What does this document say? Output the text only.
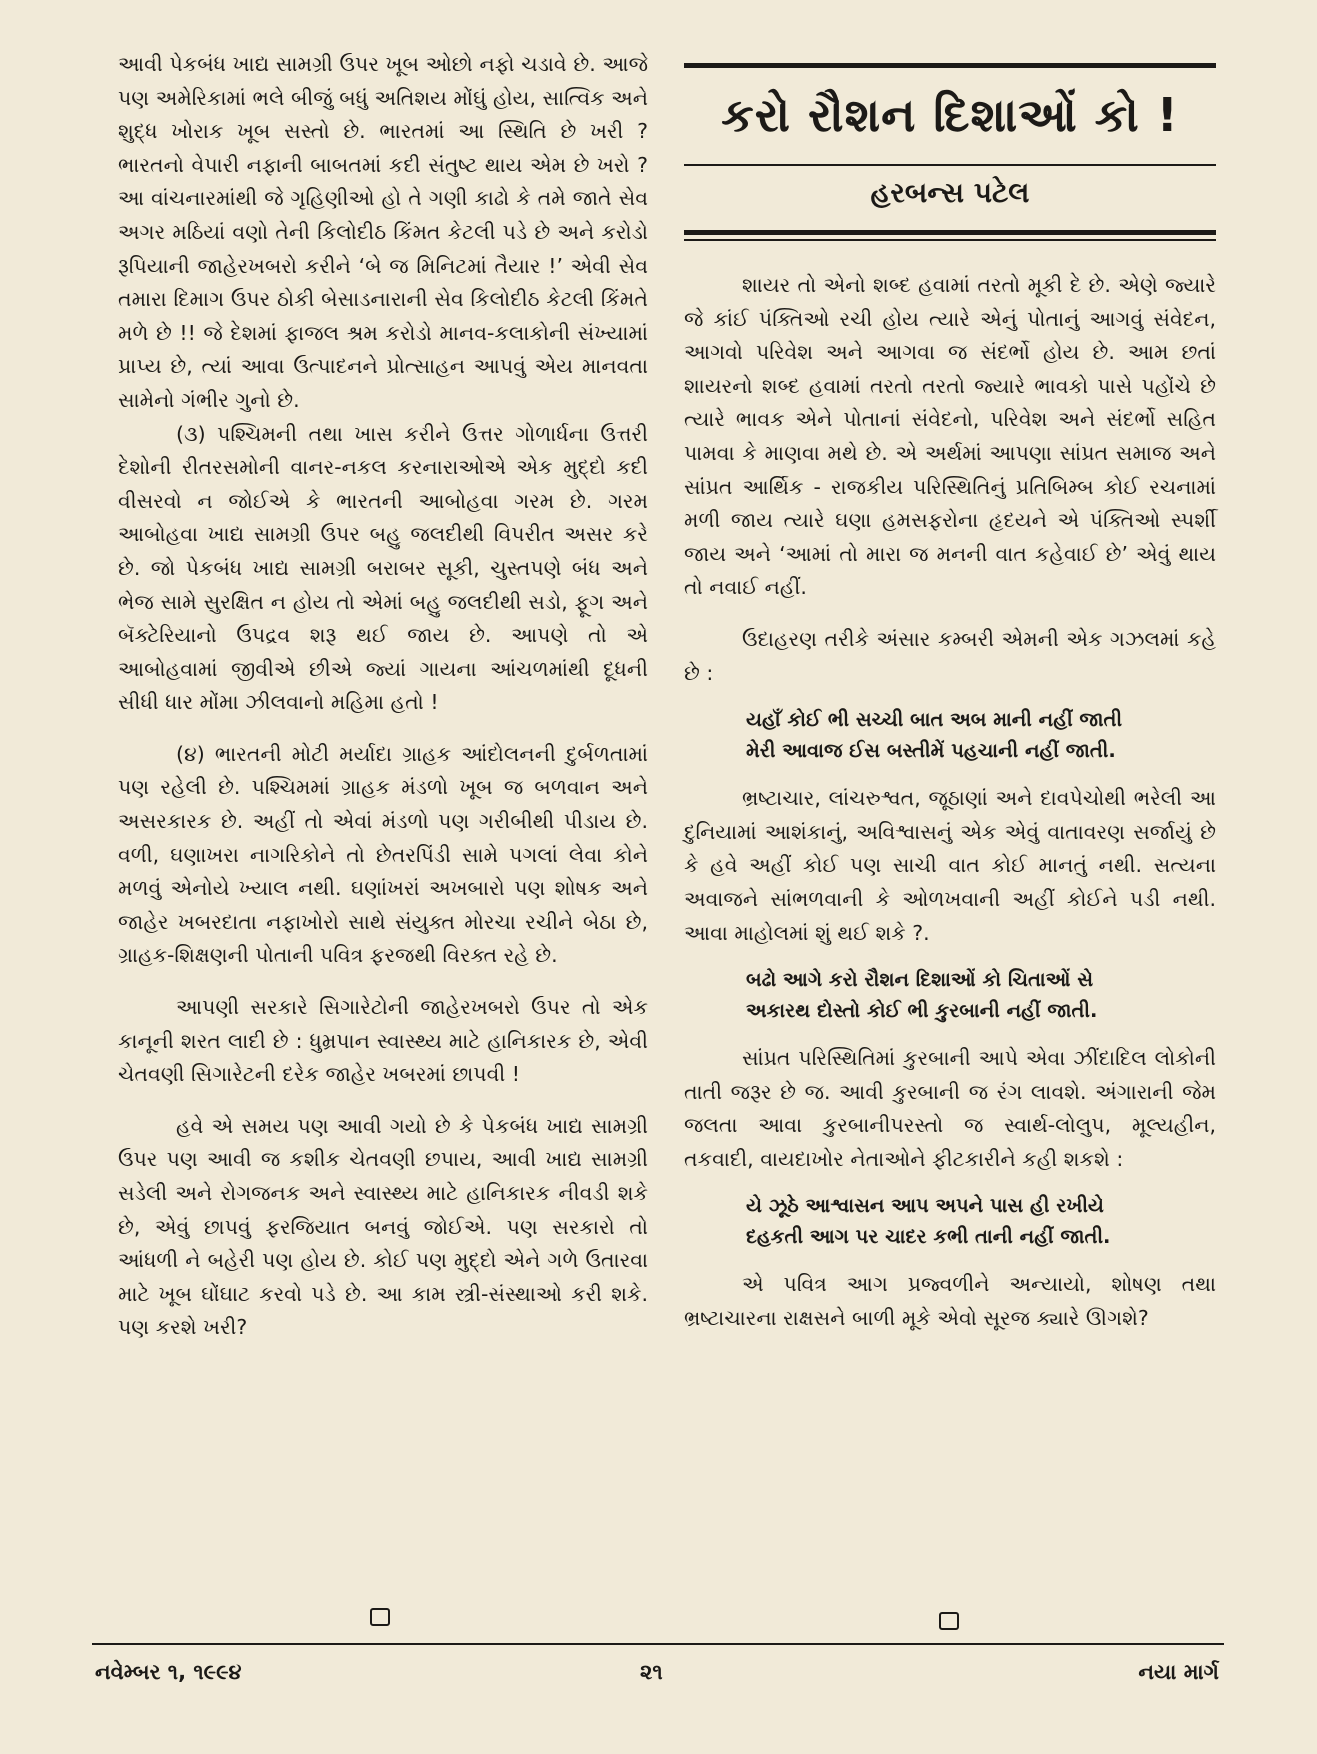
આવી પેકબંધ ખાદ્ય સામગ્રી ઉપર ખૂબ ઓછો નફો ચડાવે છે. આજે પણ અમેરિકામાં ભલે બીજું બધું અતિશય મોંઘું હોય, સાત્વિક અને શુદ્ધ ખોરાક ખૂબ સસ્તો છે. ભારતમાં આ સ્થિતિ છે ખરી ? ભારતનો વેપારી નફાની બાબતમાં કદી સંતુષ્ટ થાય એમ છે ખરો ? આ વાંચનારમાંથી જે ગૃહિણીઓ હો તે ગણી કાઢો કે તમે જાતે સેવ અગર મઠિયાં વણો તેની કિલોદીઠ કિંમત કેટલી પડે છે અને કરોડો રૂપિયાની જાહેરખબરો કરીને ‘બે જ મિનિટમાં તૈયાર !’ એવી સેવ તમારા દિમાગ ઉપર ઠોકી બેસાડનારાની સેવ કિલોદીઠ કેટલી કિંમતે મળે છે !! જે દેશમાં ફાજલ શ્રમ કરોડો માનવ-કલાકોની સંખ્યામાં પ્રાપ્ય છે, ત્યાં આવા ઉત્પાદનને પ્રોત્સાહન આપવું એય માનવતા સામેનો ગંભીર ગુનો છે.

(૩) પશ્ચિમની તથા ખાસ કરીને ઉત્તર ગોળાર્ધના ઉત્તરી દેશોની રીતરસમોની વાનર-નકલ કરનારાઓએ એક મુદ્દો કદી વીસરવો ન જોઈએ કે ભારતની આબોહવા ગરમ છે. ગરમ આબોહવા ખાદ્ય સામગ્રી ઉપર બહુ જલદીથી વિપરીત અસર કરે છે. જો પેકબંધ ખાદ્ય સામગ્રી બરાબર સૂકી, ચુસ્તપણે બંધ અને ભેજ સામે સુરક્ષિત ન હોય તો એમાં બહુ જલદીથી સડો, ફૂગ અને બૅક્ટેરિયાનો ઉપદ્રવ શરૂ થઈ જાય છે. આપણે તો એ આબોહવામાં જીવીએ છીએ જ્યાં ગાયના આંચળમાંથી દૂધની સીધી ધાર મોંમા ઝીલવાનો મહિમા હતો !

(૪) ભારતની મોટી મર્યાદા ગ્રાહક આંદોલનની દુર્બળતામાં પણ રહેલી છે. પશ્ચિમમાં ગ્રાહક મંડળો ખૂબ જ બળવાન અને અસરકારક છે. અહીં તો એવાં મંડળો પણ ગરીબીથી પીડાય છે. વળી, ઘણાખરા નાગરિકોને તો છેતરપિંડી સામે પગલાં લેવા કોને મળવું એનોયે ખ્યાલ નથી. ઘણાંખરાં અખબારો પણ શોષક અને જાહેર ખબરદાતા નફાખોરો સાથે સંયુક્ત મોરચા રચીને બેઠા છે, ગ્રાહક-શિક્ષણની પોતાની પવિત્ર ફરજથી વિરક્ત રહે છે.

આપણી સરકારે સિગારેટોની જાહેરખબરો ઉપર તો એક કાનૂની શરત લાદી છે : ધુમ્રપાન સ્વાસ્થ્ય માટે હાનિકારક છે, એવી ચેતવણી સિગારેટની દરેક જાહેર ખબરમાં છાપવી !

હવે એ સમય પણ આવી ગયો છે કે પેકબંધ ખાદ્ય સામગ્રી ઉપર પણ આવી જ કશીક ચેતવણી છપાય, આવી ખાદ્ય સામગ્રી સડેલી અને રોગજનક અને સ્વાસ્થ્ય માટે હાનિકારક નીવડી શકે છે, એવું છાપવું ફરજિયાત બનવું જોઈએ. પણ સરકારો તો આંધળી ને બહેરી પણ હોય છે. કોઈ પણ મુદ્દો એને ગળે ઉતારવા માટે ખૂબ ઘોંઘાટ કરવો પડે છે. આ કામ સ્ત્રી-સંસ્થાઓ કરી શકે. પણ કરશે ખરી?

કરો રૌશન દિશાઓં કો !
હરબન્સ પટેલ

શાયર તો એનો શબ્દ હવામાં તરતો મૂકી દે છે. એણે જ્યારે જે કાંઈ પંક્તિઓ રચી હોય ત્યારે એનું પોતાનું આગવું સંવેદન, આગવો પરિવેશ અને આગવા જ સંદર્ભો હોય છે. આમ છતાં શાયરનો શબ્દ હવામાં તરતો તરતો જ્યારે ભાવકો પાસે પહોંચે છે ત્યારે ભાવક એને પોતાનાં સંવેદનો, પરિવેશ અને સંદર્ભો સહિત પામવા કે માણવા મથે છે. એ અર્થમાં આપણા સાંપ્રત સમાજ અને સાંપ્રત આર્થિક - રાજકીય પરિસ્થિતિનું પ્રતિબિમ્બ કોઈ રચનામાં મળી જાય ત્યારે ઘણા હમસફરોના હૃદયને એ પંક્તિઓ સ્પર્શી જાય અને ‘આમાં તો મારા જ મનની વાત કહેવાઈ છે’ એવું થાય તો નવાઈ નહીં.

ઉદાહરણ તરીકે અંસાર કમ્બરી એમની એક ગઝલમાં કહે છે :

યહાઁ કોઈ ભી સચ્ચી બાત અબ માની નહીં જાતી
મેરી આવાજ ઈસ બસ્તીમેં પહચાની નહીં જાતી.

ભ્રષ્ટાચાર, લાંચરુશ્વત, જૂઠાણાં અને દાવપેચોથી ભરેલી આ દુનિયામાં આશંકાનું, અવિશ્વાસનું એક એવું વાતાવરણ સર્જાયું છે કે હવે અહીં કોઈ પણ સાચી વાત કોઈ માનતું નથી. સત્યના અવાજને સાંભળવાની કે ઓળખવાની અહીં કોઈને પડી નથી. આવા માહોલમાં શું થઈ શકે ?.

બઢો આગે કરો રૌશન દિશાઓં કો ચિતાઓં સે
અકારથ દોસ્તો કોઈ ભી કુરબાની નહીં જાતી.

સાંપ્રત પરિસ્થિતિમાં કુરબાની આપે એવા ઝીંદાદિલ લોકોની તાતી જરૂર છે જ. આવી કુરબાની જ રંગ લાવશે. અંગારાની જેમ જલતા આવા કુરબાનીપરસ્તો જ સ્વાર્થ-લોલુપ, મૂલ્યહીન, તકવાદી, વાયદાખોર નેતાઓને ફીટકારીને કહી શકશે :

યે ઝૂઠે આશ્વાસન આપ અપને પાસ હી રખીયે
દહકતી આગ પર ચાદર કભી તાની નહીં જાતી.

એ પવિત્ર આગ પ્રજ્વળીને અન્યાયો, શોષણ તથા ભ્રષ્ટાચારના રાક્ષસને બાળી મૂકે એવો સૂરજ ક્યારે ઊગશે?

નવેમ્બર ૧, ૧૯૯૪	૨૧	નયા માર્ગ
